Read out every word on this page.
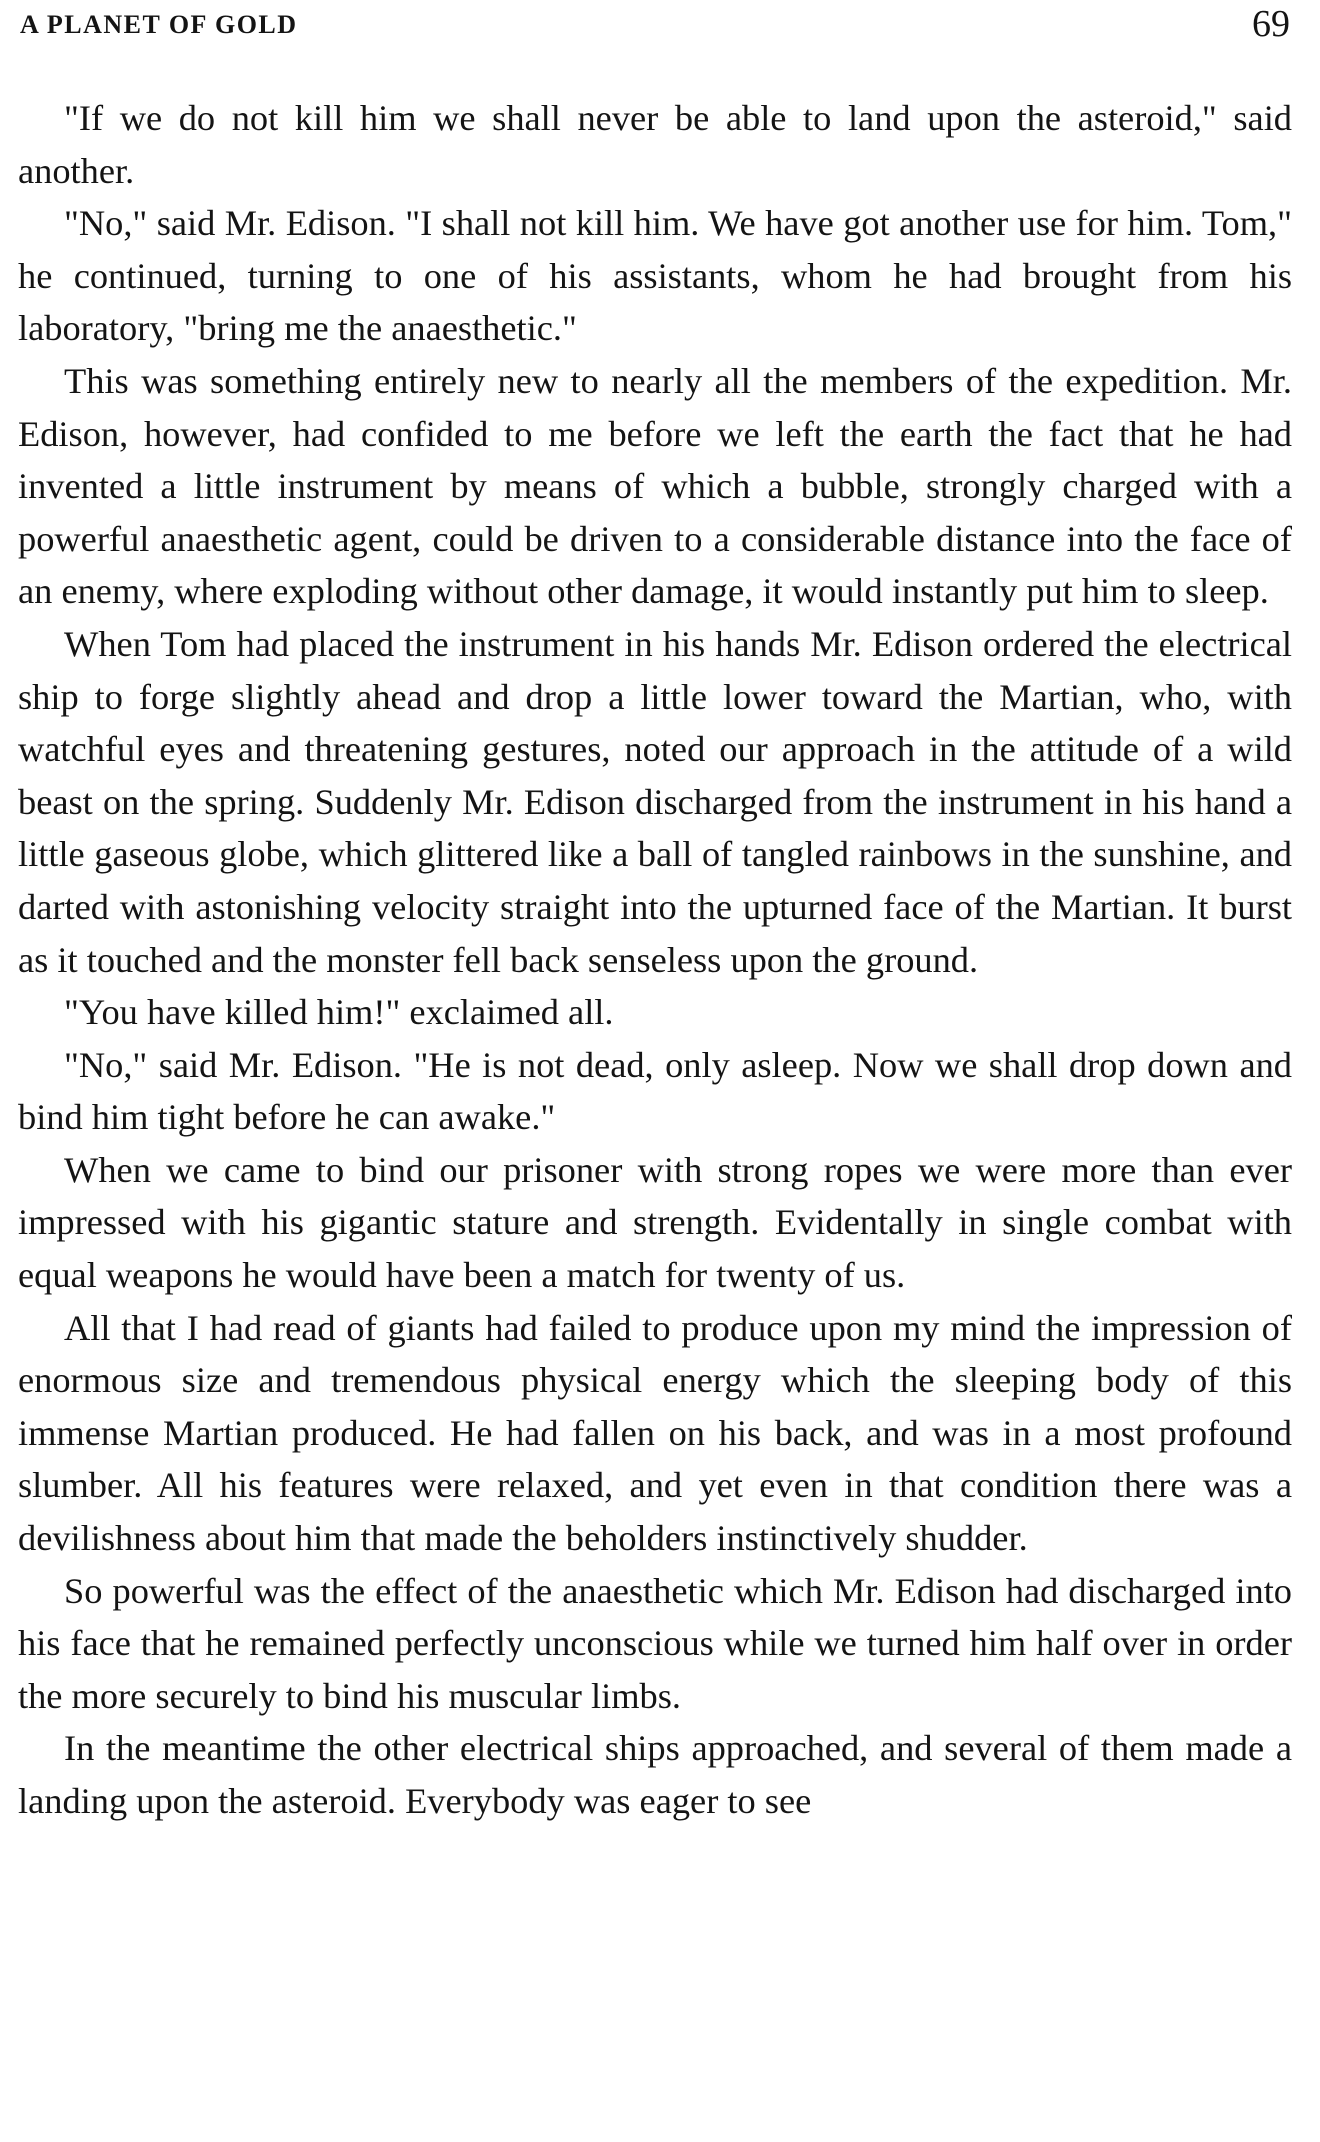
A PLANET OF GOLD	69

"If we do not kill him we shall never be able to land upon the asteroid," said another.

"No," said Mr. Edison. "I shall not kill him. We have got another use for him. Tom," he continued, turning to one of his assistants, whom he had brought from his laboratory, "bring me the anaesthetic."

This was something entirely new to nearly all the members of the expedition. Mr. Edison, however, had confided to me before we left the earth the fact that he had invented a little instrument by means of which a bubble, strongly charged with a powerful anaesthetic agent, could be driven to a considerable distance into the face of an enemy, where exploding without other damage, it would instantly put him to sleep.

When Tom had placed the instrument in his hands Mr. Edison ordered the electrical ship to forge slightly ahead and drop a little lower toward the Martian, who, with watchful eyes and threatening gestures, noted our approach in the attitude of a wild beast on the spring. Suddenly Mr. Edison discharged from the instrument in his hand a little gaseous globe, which glittered like a ball of tangled rainbows in the sunshine, and darted with astonishing velocity straight into the upturned face of the Martian. It burst as it touched and the monster fell back senseless upon the ground.

"You have killed him!" exclaimed all.

"No," said Mr. Edison. "He is not dead, only asleep. Now we shall drop down and bind him tight before he can awake."

When we came to bind our prisoner with strong ropes we were more than ever impressed with his gigantic stature and strength. Evidentally in single combat with equal weapons he would have been a match for twenty of us.

All that I had read of giants had failed to produce upon my mind the impression of enormous size and tremendous physical energy which the sleeping body of this immense Martian produced. He had fallen on his back, and was in a most profound slumber. All his features were relaxed, and yet even in that condition there was a devilishness about him that made the beholders instinctively shudder.

So powerful was the effect of the anaesthetic which Mr. Edison had discharged into his face that he remained perfectly unconscious while we turned him half over in order the more securely to bind his muscular limbs.

In the meantime the other electrical ships approached, and several of them made a landing upon the asteroid. Everybody was eager to see
